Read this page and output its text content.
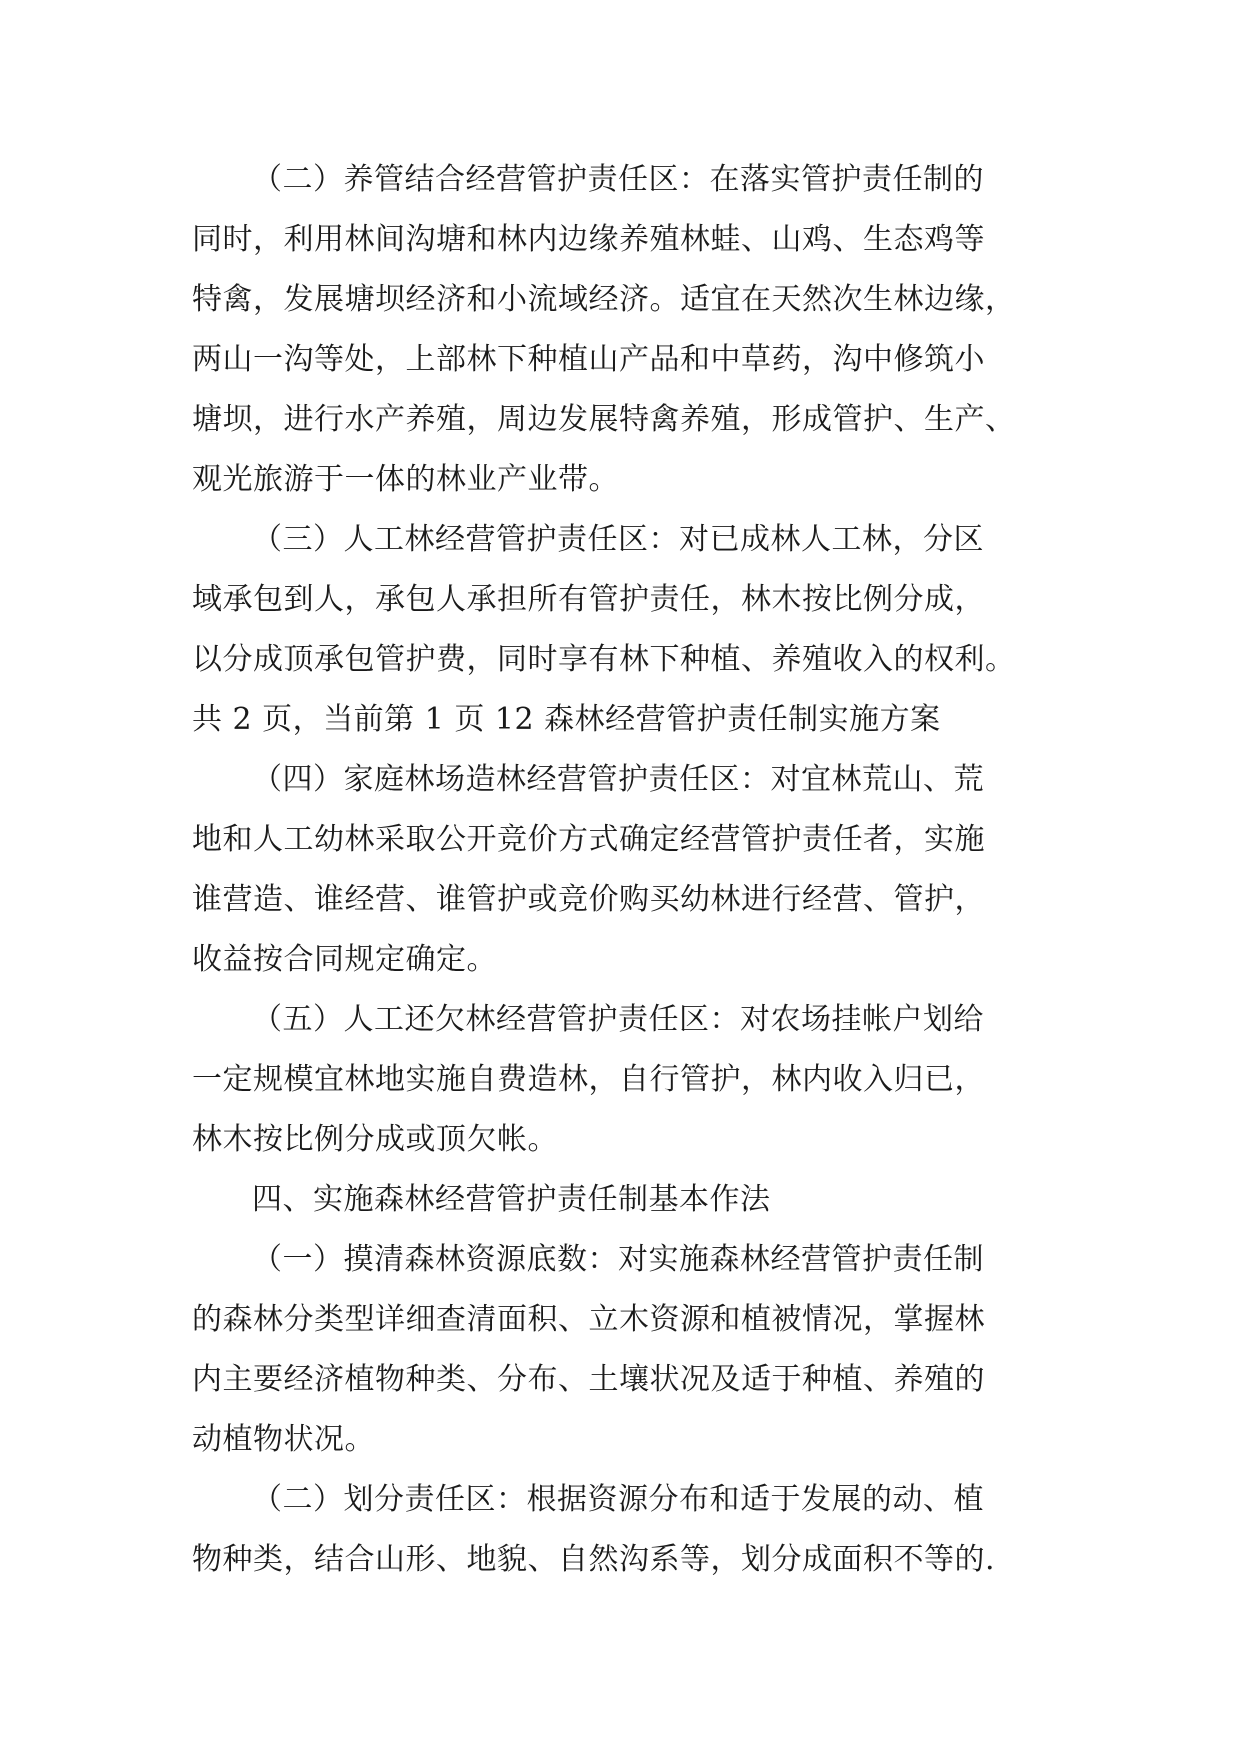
（二）养管结合经营管护责任区：在落实管护责任制的
同时，利用林间沟塘和林内边缘养殖林蛙、山鸡、生态鸡等
特禽，发展塘坝经济和小流域经济。适宜在天然次生林边缘，
两山一沟等处，上部林下种植山产品和中草药，沟中修筑小
塘坝，进行水产养殖，周边发展特禽养殖，形成管护、生产、
观光旅游于一体的林业产业带。
（三）人工林经营管护责任区：对已成林人工林，分区
域承包到人，承包人承担所有管护责任，林木按比例分成，
以分成顶承包管护费，同时享有林下种植、养殖收入的权利。
共 2 页，当前第 1 页 12 森林经营管护责任制实施方案
（四）家庭林场造林经营管护责任区：对宜林荒山、荒
地和人工幼林采取公开竞价方式确定经营管护责任者，实施
谁营造、谁经营、谁管护或竞价购买幼林进行经营、管护，
收益按合同规定确定。
（五）人工还欠林经营管护责任区：对农场挂帐户划给
一定规模宜林地实施自费造林，自行管护，林内收入归已，
林木按比例分成或顶欠帐。
四、实施森林经营管护责任制基本作法
（一）摸清森林资源底数：对实施森林经营管护责任制
的森林分类型详细查清面积、立木资源和植被情况，掌握林
内主要经济植物种类、分布、土壤状况及适于种植、养殖的
动植物状况。
（二）划分责任区：根据资源分布和适于发展的动、植
物种类，结合山形、地貌、自然沟系等，划分成面积不等的.
